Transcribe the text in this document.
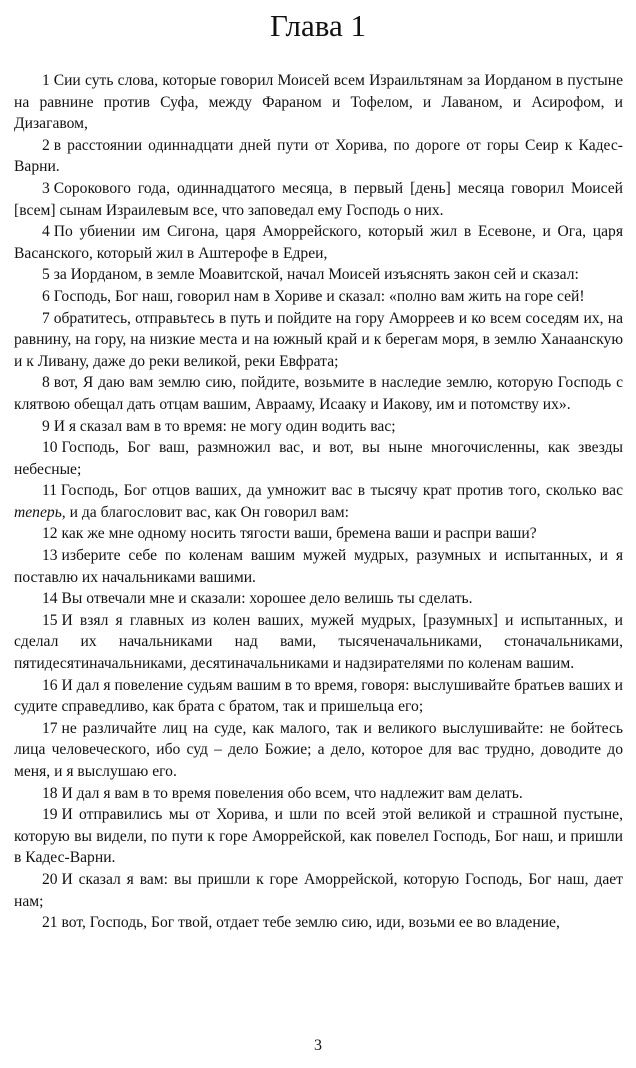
Глава 1

1 Сии суть слова, которые говорил Моисей всем Израильтянам за Иорданом в пустыне на равнине против Суфа, между Фараном и Тофелом, и Лаваном, и Асирофом, и Дизагавом,

2 в расстоянии одиннадцати дней пути от Хорива, по дороге от горы Сеир к Кадес-Варни.

3 Сорокового года, одиннадцатого месяца, в первый [день] месяца говорил Моисей [всем] сынам Израилевым все, что заповедал ему Господь о них.

4 По убиении им Сигона, царя Аморрейского, который жил в Есевоне, и Ога, царя Васанского, который жил в Аштерофе в Едреи,

5 за Иорданом, в земле Моавитской, начал Моисей изъяснять закон сей и сказал:

6 Господь, Бог наш, говорил нам в Хориве и сказал: «полно вам жить на горе сей!

7 обратитесь, отправьтесь в путь и пойдите на гору Аморреев и ко всем соседям их, на равнину, на гору, на низкие места и на южный край и к берегам моря, в землю Ханаанскую и к Ливану, даже до реки великой, реки Евфрата;

8 вот, Я даю вам землю сию, пойдите, возьмите в наследие землю, которую Господь с клятвою обещал дать отцам вашим, Аврааму, Исааку и Иакову, им и потомству их».

9 И я сказал вам в то время: не могу один водить вас;

10 Господь, Бог ваш, размножил вас, и вот, вы ныне многочисленны, как звезды небесные;

11 Господь, Бог отцов ваших, да умножит вас в тысячу крат против того, сколько вас теперь, и да благословит вас, как Он говорил вам:

12 как же мне одному носить тягости ваши, бремена ваши и распри ваши?

13 изберите себе по коленам вашим мужей мудрых, разумных и испытанных, и я поставлю их начальниками вашими.

14 Вы отвечали мне и сказали: хорошее дело велишь ты сделать.

15 И взял я главных из колен ваших, мужей мудрых, [разумных] и испытанных, и сделал их начальниками над вами, тысяченачальниками, стоначальниками, пятидесятиначальниками, десятиначальниками и надзирателями по коленам вашим.

16 И дал я повеление судьям вашим в то время, говоря: выслушивайте братьев ваших и судите справедливо, как брата с братом, так и пришельца его;

17 не различайте лиц на суде, как малого, так и великого выслушивайте: не бойтесь лица человеческого, ибо суд – дело Божие; а дело, которое для вас трудно, доводите до меня, и я выслушаю его.

18 И дал я вам в то время повеления обо всем, что надлежит вам делать.

19 И отправились мы от Хорива, и шли по всей этой великой и страшной пустыне, которую вы видели, по пути к горе Аморрейской, как повелел Господь, Бог наш, и пришли в Кадес-Варни.

20 И сказал я вам: вы пришли к горе Аморрейской, которую Господь, Бог наш, дает нам;

21 вот, Господь, Бог твой, отдает тебе землю сию, иди, возьми ее во владение,

3
